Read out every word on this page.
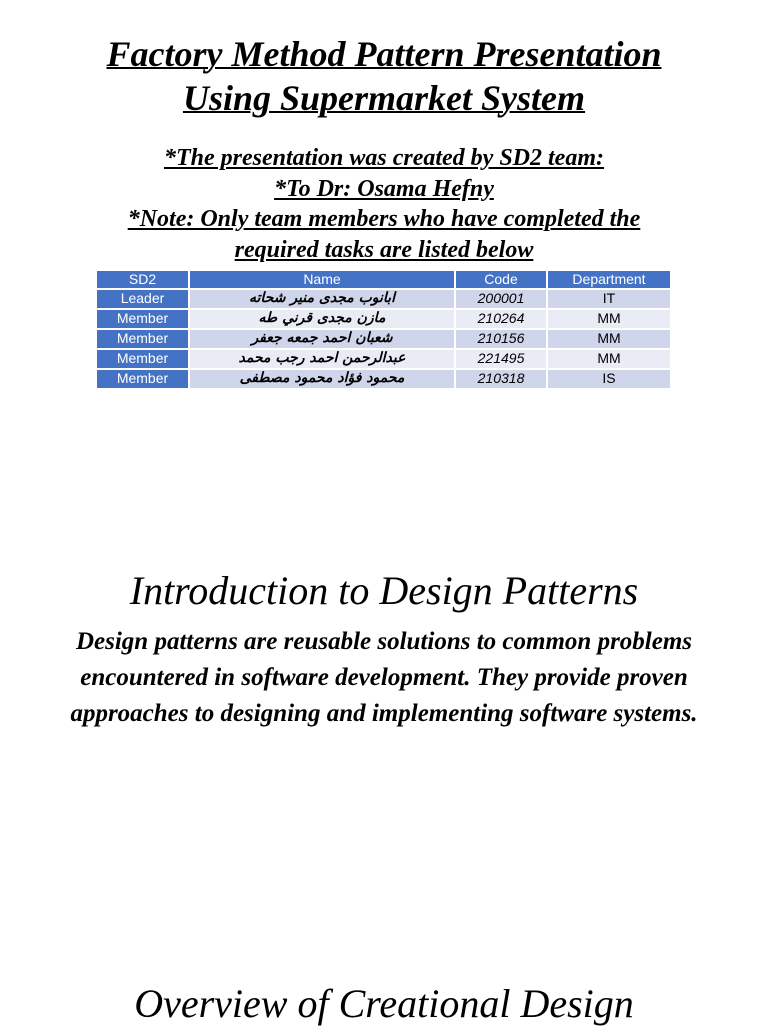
Factory Method Pattern Presentation
Using Supermarket System
*The presentation was created by SD2 team:
*To Dr: Osama Hefny
*Note: Only team members who have completed the
required tasks are listed below
SD2	Name	Code	Department
Leader	ابانوب مجدى منير شحاته	200001	IT
Member	مازن مجدى قرني طه	210264	MM
Member	شعبان احمد جمعه جعفر	210156	MM
Member	عبدالرحمن احمد رجب محمد	221495	MM
Member	محمود فؤاد محمود مصطفى	210318	IS
Introduction to Design Patterns

Design patterns are reusable solutions to common problems encountered in software development. They provide proven approaches to designing and implementing software systems.

Overview of Creational Design
